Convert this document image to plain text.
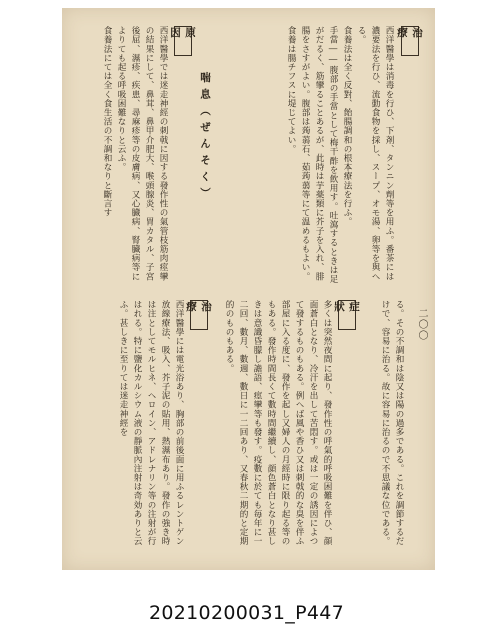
治療
西洋醫學は消毒を行ひ、下剤、タンニン劑等を用ふ。番茶には濃要法を行ひ、流動食物を採し、スープ、オモ湯、卵等を與へる。
食養法は全く反對、飴腸調和の根本療法を行ふ。
手當――腹部の手當として梅干酢を飲用す。吐瀉するときは足がだるく、筋攣ることあるが、此時は芋薬類に芥子を入れ、腓腸をさすがよい。腹部は蒟蒻石、茹蒟蒻等にて温めるもよい。
食養は腸チフスに堤じてよい。
喘息（ぜんそく）
原因
西洋醫學では迷走神經の刺戟に因する發作性の氣管枝筋肉痙攣の結果にして、鼻茸、鼻甲介肥大、喉頭腺炎、胃カタル、子宮後屈、濕疹、疾患、尋麻疹等の皮膚病、又心臓病、腎臓病等によりても起る呼吸困難なりと云ふ。
食養法にては全く食生活の不調和なりと斷言す
る。その不調和は陰又は陽の過多である。これを調節するだけで、容易に治る。故に容易に治るので不思議な位である。
症狀
多くは突然夜間に起り、發作性の呼氣的呼吸困難を伴ひ、顔面蒼白となり、冷汗を出して苦悶す。或は一定の誘因によつて發するものもある。例へば風や香ひ又は刺戟的な臭を伴ふ部屋に入る度に、發作を起し又婦人の月經時に限り起る等のもある。發作時間長くて數時間繼續し、顔色蒼白となり甚しきは意識昏朦し譫語、痙攣等も發す。疫數に於ても毎年に一二回、數月、數週、數日に一二回あり、又春秋二期的と定期的のものもある。
治療
西洋醫學には電光浴あり、胸部の前後面に用ふるレントゲン放線療法、吸入、芥子泥の貼用、熱濕布あり。發作の強き時は注としてモルヒネ、ヘロイン、アドレナリン等の注射が行はれる。特に鹽化カルシウム液の靜脈內注射は奇効ありと云ふ。甚しきに至りては迷走神經を	二〇〇
20210200031_P447
